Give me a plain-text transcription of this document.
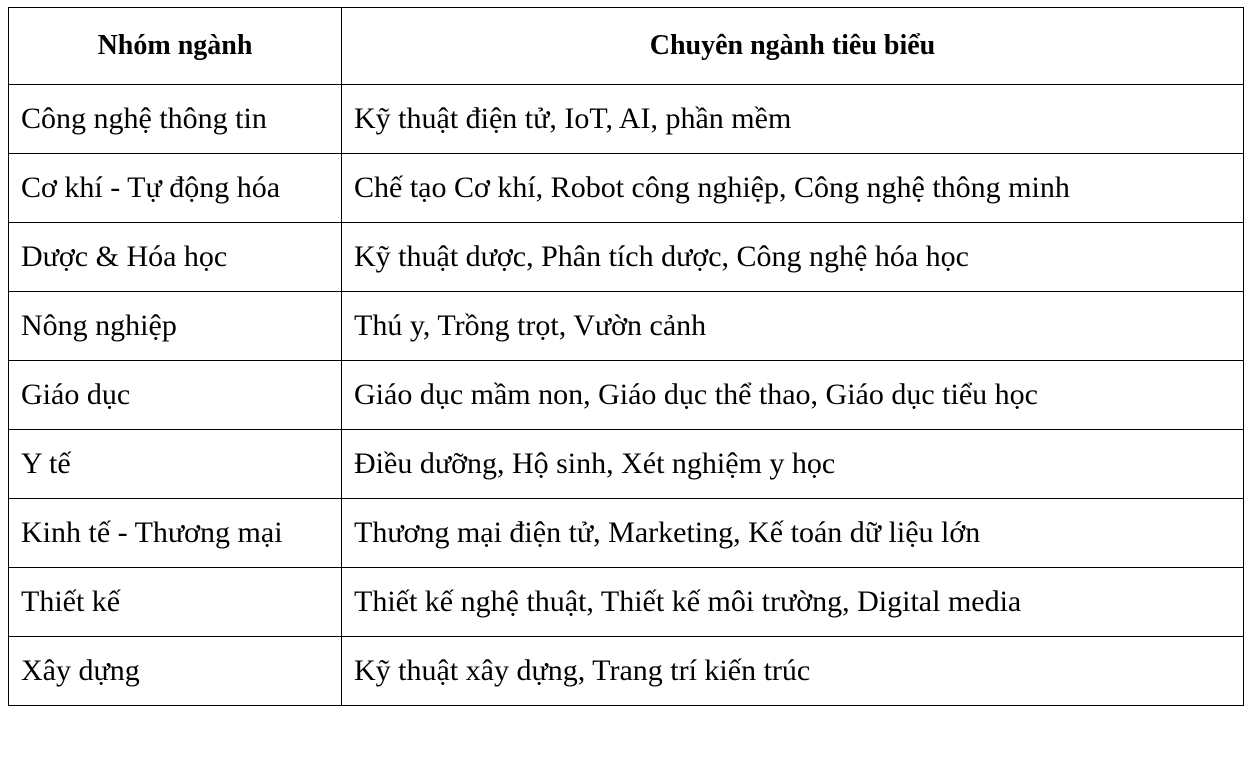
Nhóm ngành	Chuyên ngành tiêu biểu
Công nghệ thông tin	Kỹ thuật điện tử, IoT, AI, phần mềm
Cơ khí - Tự động hóa	Chế tạo Cơ khí, Robot công nghiệp, Công nghệ thông minh
Dược & Hóa học	Kỹ thuật dược, Phân tích dược, Công nghệ hóa học
Nông nghiệp	Thú y, Trồng trọt, Vườn cảnh
Giáo dục	Giáo dục mầm non, Giáo dục thể thao, Giáo dục tiểu học
Y tế	Điều dưỡng, Hộ sinh, Xét nghiệm y học
Kinh tế - Thương mại	Thương mại điện tử, Marketing, Kế toán dữ liệu lớn
Thiết kế	Thiết kế nghệ thuật, Thiết kế môi trường, Digital media
Xây dựng	Kỹ thuật xây dựng, Trang trí kiến trúc
